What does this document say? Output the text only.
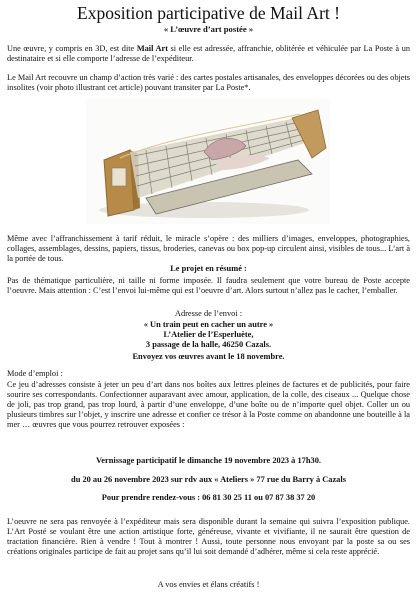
Exposition participative de Mail Art !
« L’œuvre d’art postée »
Une œuvre, y compris en 3D, est dite Mail Art si elle est adressée, affranchie, oblitérée et véhiculée par La Poste à un destinataire et si elle comporte l’adresse de l’expéditeur.
Le Mail Art recouvre un champ d’action très varié : des cartes postales artisanales, des enveloppes décorées ou des objets insolites (voir photo illustrant cet article) pouvant transiter par La Poste*.
Même avec l’affranchissement à tarif réduit, le miracle s’opère : des milliers d’images, enveloppes, photographies, collages, assemblages, dessins, papiers, tissus, broderies, canevas ou box pop-up circulent ainsi, visibles de tous... L’art à la portée de tous.
Le projet en résumé :
Pas de thématique particulière, ni taille ni forme imposée. Il faudra seulement que votre bureau de Poste accepte l’oeuvre. Mais attention : C’est l’envoi lui-même qui est l’oeuvre d’art. Alors surtout n’allez pas le cacher, l’emballer.
Adresse de l’envoi :
« Un train peut en cacher un autre »
L’Atelier de l’Esperluète,
3 passage de la halle, 46250 Cazals.
Envoyez vos œuvres avant le 18 novembre.
Mode d’emploi :
Ce jeu d’adresses consiste à jeter un peu d’art dans nos boîtes aux lettres pleines de factures et de publicités, pour faire sourire ses correspondants. Confectionner auparavant avec amour, application, de la colle, des ciseaux ... Quelque chose de joli, pas trop grand, pas trop lourd, à partir d’une enveloppe, d’une boîte ou de n’importe quel objet. Coller un ou plusieurs timbres sur l’objet, y inscrire une adresse et confier ce trésor à la Poste comme on abandonne une bouteille à la mer … œuvres que vous pourrez retrouver exposées :
Vernissage participatif le dimanche 19 novembre 2023 à 17h30.
du 20 au 26 novembre 2023 sur rdv aux « Ateliers » 77 rue du Barry à Cazals
Pour prendre rendez-vous : 06 81 30 25 11 ou 07 87 38 37 20
L’oeuvre ne sera pas renvoyée à l’expéditeur mais sera disponible durant la semaine qui suivra l’exposition publique. L’Art Posté se voulant être une action artistique forte, généreuse, vivante et vivifiante, il ne saurait être question de tractation financière. Rien à vendre ! Tout à montrer ! Aussi, toute personne nous envoyant par la poste sa ou ses créations originales participe de fait au projet sans qu’il lui soit demandé d’adhérer, même si cela reste apprécié.
A vos envies et élans créatifs !
